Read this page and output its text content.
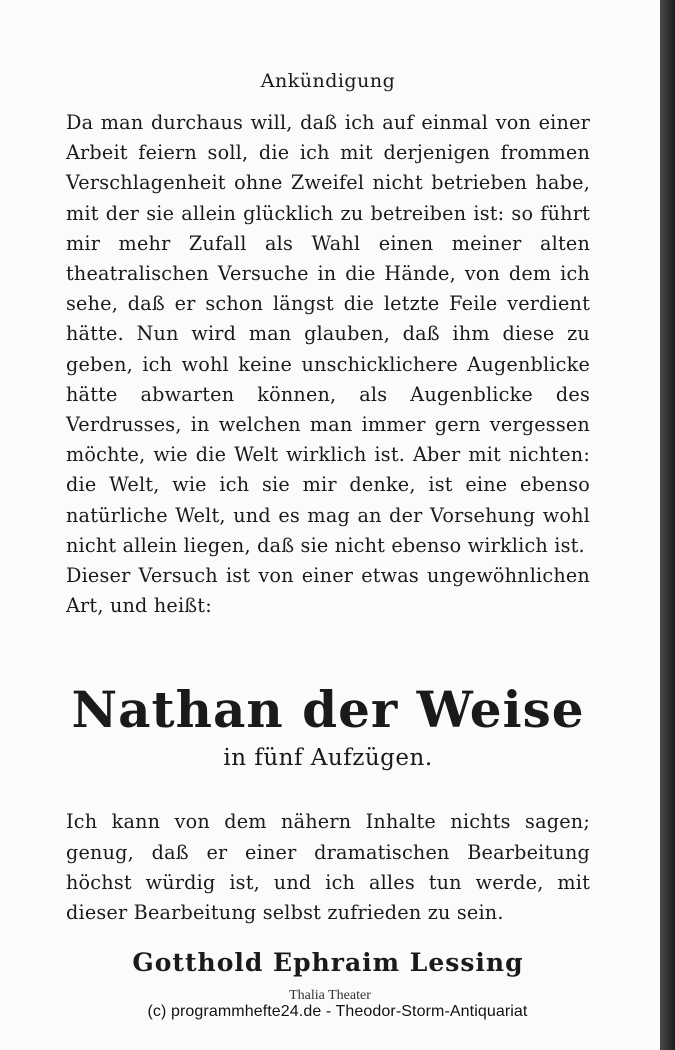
Ankündigung

Da man durchaus will, daß ich auf einmal von einer Arbeit feiern soll, die ich mit derjenigen frommen Verschlagenheit ohne Zweifel nicht betrieben habe, mit der sie allein glücklich zu betreiben ist: so führt mir mehr Zufall als Wahl einen meiner alten theatralischen Versuche in die Hände, von dem ich sehe, daß er schon längst die letzte Feile verdient hätte. Nun wird man glauben, daß ihm diese zu geben, ich wohl keine unschicklichere Augenblicke hätte abwarten können, als Augenblicke des Verdrusses, in welchen man immer gern vergessen möchte, wie die Welt wirklich ist. Aber mit nichten: die Welt, wie ich sie mir denke, ist eine ebenso natürliche Welt, und es mag an der Vorsehung wohl nicht allein liegen, daß sie nicht ebenso wirklich ist.

Dieser Versuch ist von einer etwas ungewöhnlichen Art, und heißt:

Nathan der Weise
in fünf Aufzügen.

Ich kann von dem nähern Inhalte nichts sagen; genug, daß er einer dramatischen Bearbeitung höchst würdig ist, und ich alles tun werde, mit dieser Bearbeitung selbst zufrieden zu sein.

Gotthold Ephraim Lessing
Thalia Theater
(c) programmhefte24.de - Theodor-Storm-Antiquariat
